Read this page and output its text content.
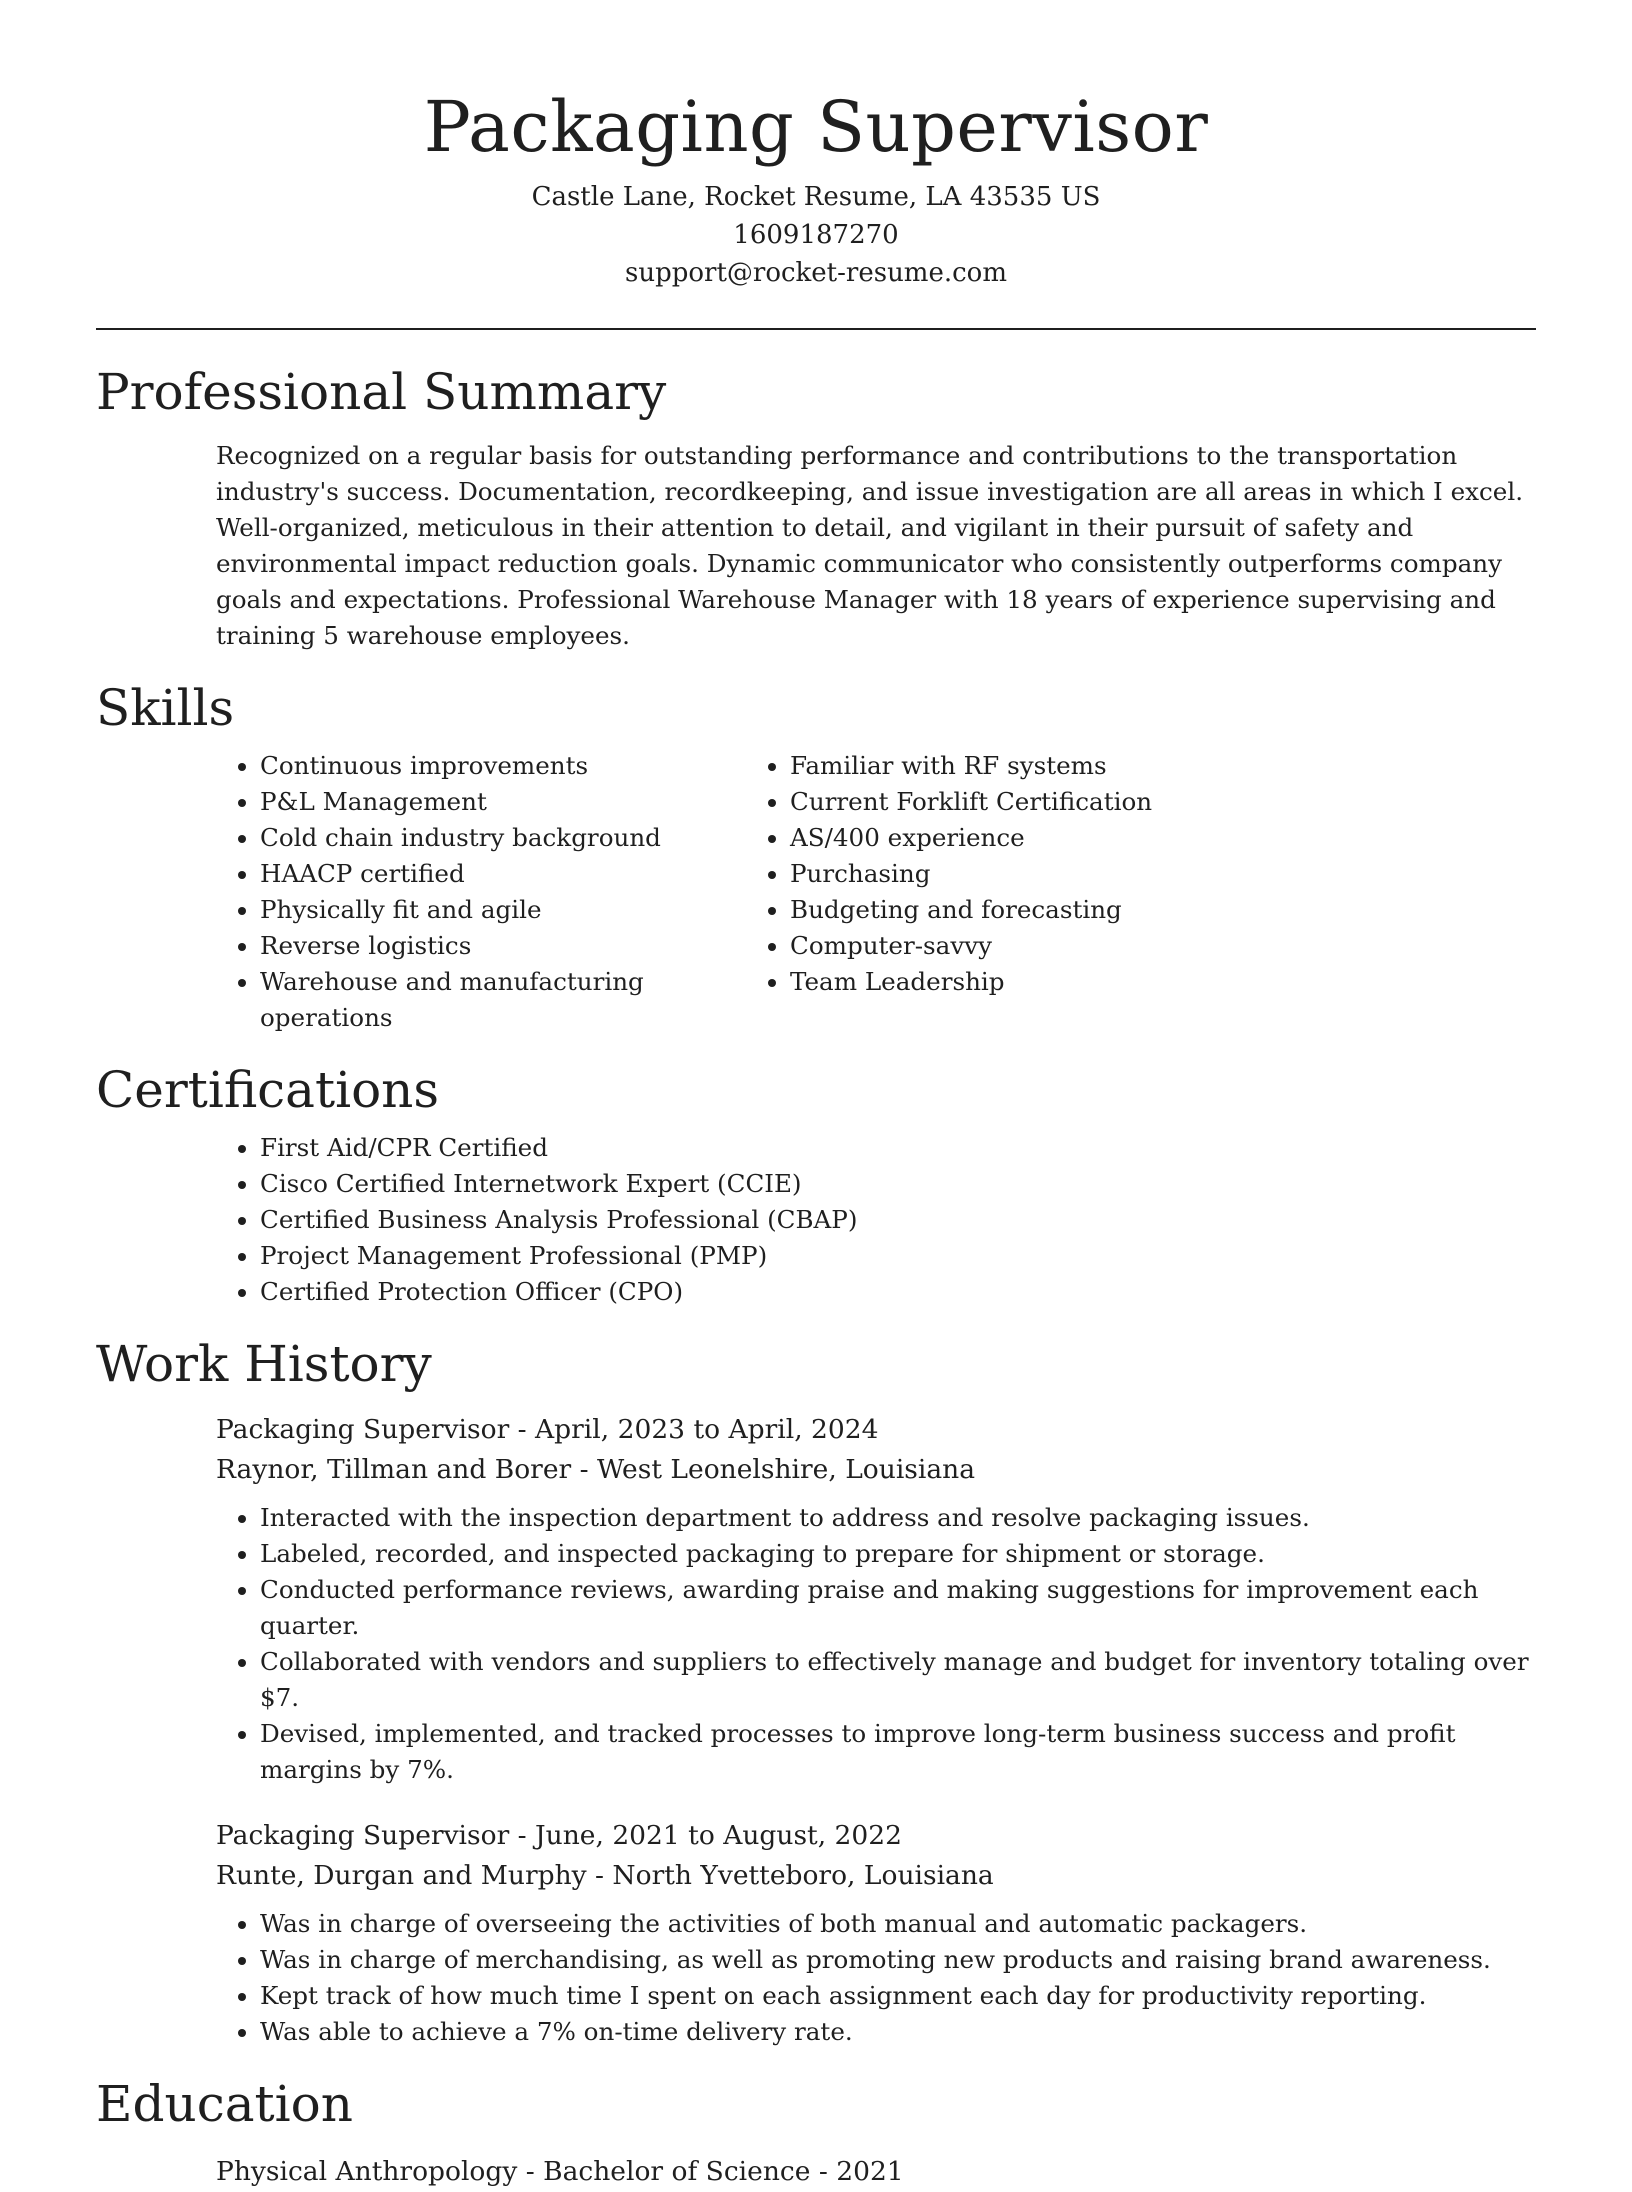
Packaging Supervisor

Castle Lane, Rocket Resume, LA 43535 US

1609187270

support@rocket-resume.com

Professional Summary

Recognized on a regular basis for outstanding performance and contributions to the transportation industry's success. Documentation, recordkeeping, and issue investigation are all areas in which I excel. Well-organized, meticulous in their attention to detail, and vigilant in their pursuit of safety and environmental impact reduction goals. Dynamic communicator who consistently outperforms company goals and expectations. Professional Warehouse Manager with 18 years of experience supervising and training 5 warehouse employees.

Skills
• Continuous improvements
• P&L Management
• Cold chain industry background
• HAACP certified
• Physically fit and agile
• Reverse logistics
• Warehouse and manufacturing operations
• Familiar with RF systems
• Current Forklift Certification
• AS/400 experience
• Purchasing
• Budgeting and forecasting
• Computer-savvy
• Team Leadership
Certifications
• First Aid/CPR Certified
• Cisco Certified Internetwork Expert (CCIE)
• Certified Business Analysis Professional (CBAP)
• Project Management Professional (PMP)
• Certified Protection Officer (CPO)
Work History

Packaging Supervisor - April, 2023 to April, 2024

Raynor, Tillman and Borer - West Leonelshire, Louisiana

• Interacted with the inspection department to address and resolve packaging issues.
• Labeled, recorded, and inspected packaging to prepare for shipment or storage.
• Conducted performance reviews, awarding praise and making suggestions for improvement each quarter.
• Collaborated with vendors and suppliers to effectively manage and budget for inventory totaling over $7.
• Devised, implemented, and tracked processes to improve long-term business success and profit margins by 7%.

Packaging Supervisor - June, 2021 to August, 2022

Runte, Durgan and Murphy - North Yvetteboro, Louisiana

• Was in charge of overseeing the activities of both manual and automatic packagers.
• Was in charge of merchandising, as well as promoting new products and raising brand awareness.
• Kept track of how much time I spent on each assignment each day for productivity reporting.
• Was able to achieve a 7% on-time delivery rate.
Education

Physical Anthropology - Bachelor of Science - 2021
